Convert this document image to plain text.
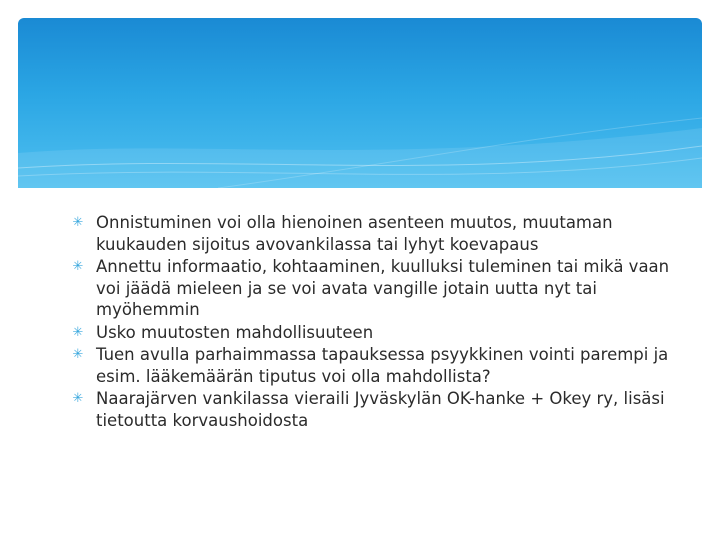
✳ Onnistuminen voi olla hienoinen asenteen muutos, muutaman kuukauden sijoitus avovankilassa tai lyhyt koevapaus
✳ Annettu informaatio, kohtaaminen, kuulluksi tuleminen tai mikä vaan voi jäädä mieleen ja se voi avata vangille jotain uutta nyt tai myöhemmin
✳ Usko muutosten mahdollisuuteen
✳ Tuen avulla parhaimmassa tapauksessa psyykkinen vointi parempi ja esim. lääkemäärän tiputus voi olla mahdollista?
✳ Naarajärven vankilassa vieraili Jyväskylän OK-hanke + Okey ry, lisäsi tietoutta korvaushoidosta
